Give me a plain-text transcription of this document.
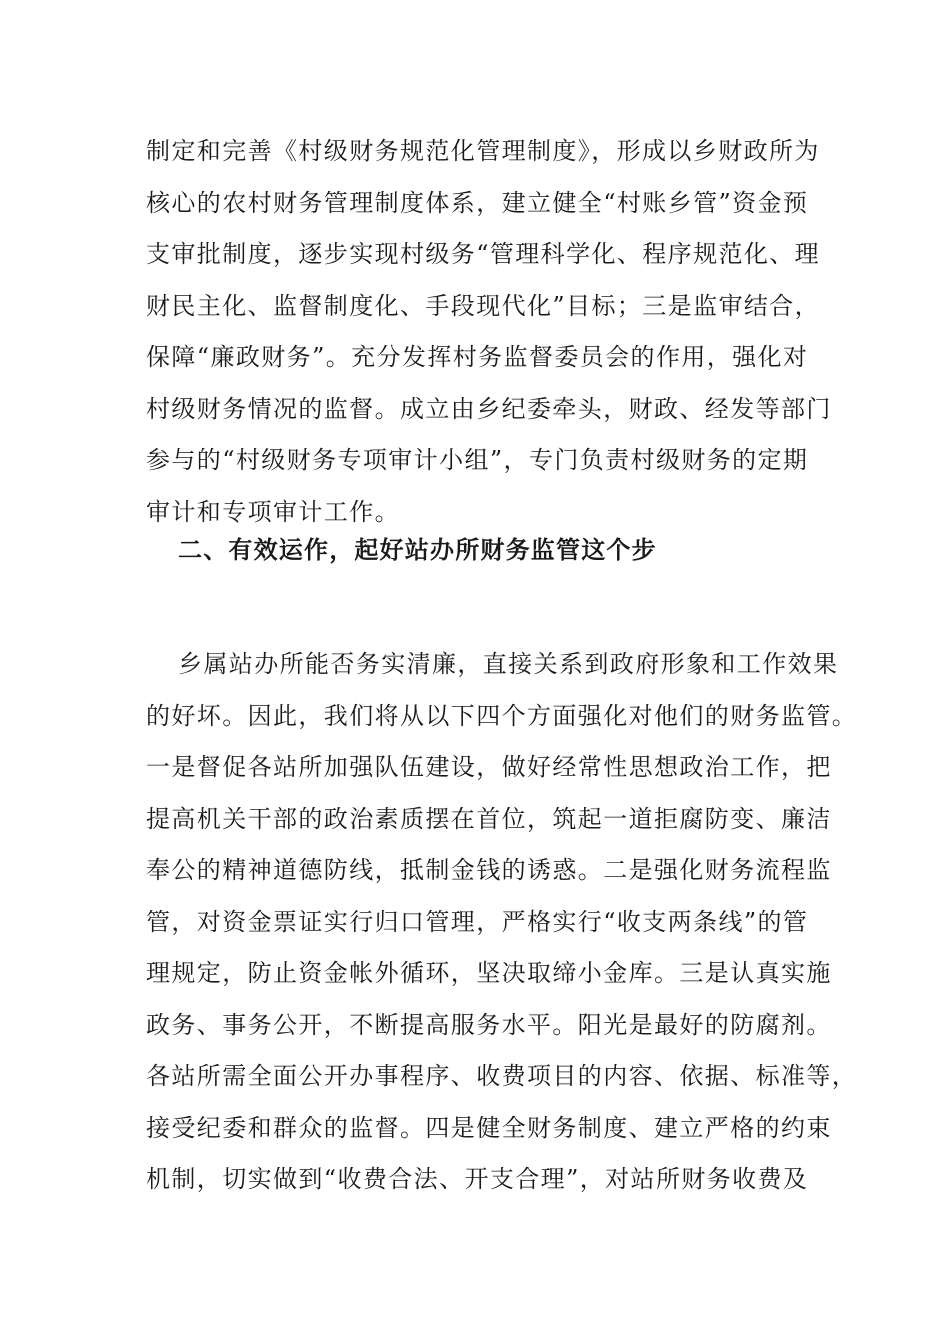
制定和完善《村级财务规范化管理制度》，形成以乡财政所为
核心的农村财务管理制度体系，建立健全“村账乡管”资金预
支审批制度，逐步实现村级务“管理科学化、程序规范化、理
财民主化、监督制度化、手段现代化”目标；三是监审结合，
保障“廉政财务”。充分发挥村务监督委员会的作用，强化对
村级财务情况的监督。成立由乡纪委牵头，财政、经发等部门
参与的“村级财务专项审计小组”，专门负责村级财务的定期
审计和专项审计工作。
二、有效运作，起好站办所财务监管这个步
乡属站办所能否务实清廉，直接关系到政府形象和工作效果
的好坏。因此，我们将从以下四个方面强化对他们的财务监管。
一是督促各站所加强队伍建设，做好经常性思想政治工作，把
提高机关干部的政治素质摆在首位，筑起一道拒腐防变、廉洁
奉公的精神道德防线，抵制金钱的诱惑。二是强化财务流程监
管，对资金票证实行归口管理，严格实行“收支两条线”的管
理规定，防止资金帐外循环，坚决取缔小金库。三是认真实施
政务、事务公开，不断提高服务水平。阳光是最好的防腐剂。
各站所需全面公开办事程序、收费项目的内容、依据、标准等，
接受纪委和群众的监督。四是健全财务制度、建立严格的约束
机制，切实做到“收费合法、开支合理”，对站所财务收费及
